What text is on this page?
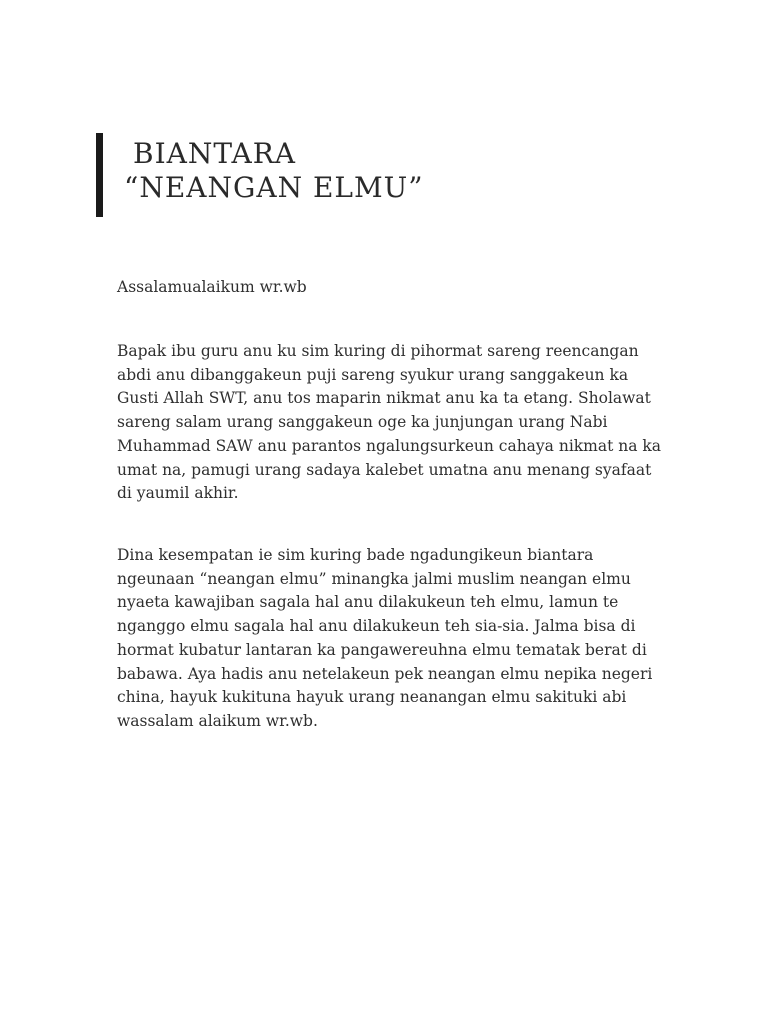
BIANTARA
“NEANGAN ELMU”
Assalamualaikum wr.wb
Bapak ibu guru anu ku sim kuring di pihormat sareng reencangan abdi anu dibanggakeun puji sareng syukur urang sanggakeun ka Gusti Allah SWT, anu tos maparin nikmat anu ka ta etang. Sholawat sareng salam urang sanggakeun oge ka junjungan urang Nabi Muhammad SAW anu parantos ngalungsurkeun cahaya nikmat na ka umat na, pamugi urang sadaya kalebet umatna anu menang syafaat di yaumil akhir.
Dina kesempatan ie sim kuring bade ngadungikeun biantara ngeunaan “neangan elmu” minangka jalmi muslim neangan elmu nyaeta kawajiban sagala hal anu dilakukeun teh elmu, lamun te nganggo elmu sagala hal anu dilakukeun teh sia-sia. Jalma bisa di hormat kubatur lantaran ka pangawereuhna elmu tematak berat di babawa. Aya hadis anu netelakeun pek neangan elmu nepika negeri china, hayuk kukituna hayuk urang neanangan elmu sakituki abi wassalam alaikum wr.wb.
